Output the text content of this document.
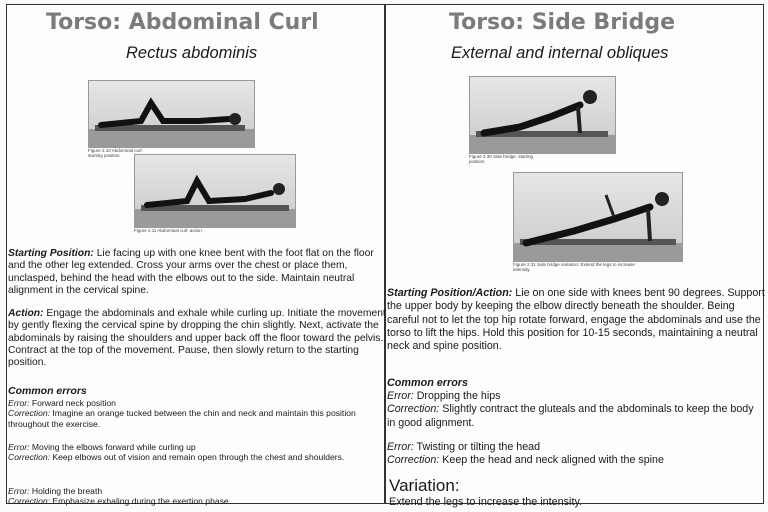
Torso: Abdominal Curl
Rectus abdominis
Figure 2.10 Abdominal curl: starting position
Figure 2.11 Abdominal curl: action

Starting Position: Lie facing up with one knee bent with the foot flat on the floor and the other leg extended. Cross your arms over the chest or place them, unclasped, behind the head with the elbows out to the side. Maintain neutral alignment in the cervical spine.

Action: Engage the abdominals and exhale while curling up. Initiate the movement by gently flexing the cervical spine by dropping the chin slightly. Next, activate the abdominals by raising the shoulders and upper back off the floor toward the pelvis. Contract at the top of the movement. Pause, then slowly return to the starting position.

Common errors
Error: Forward neck position
Correction: Imagine an orange tucked between the chin and neck and maintain this position throughout the exercise.
Error: Moving the elbows forward while curling up
Correction: Keep elbows out of vision and remain open through the chest and shoulders.
Error: Holding the breath
Correction: Emphasize exhaling during the exertion phase.
Torso: Side Bridge
External and internal obliques
Figure 2.30 Side bridge: starting position
Figure 2.31 Side bridge variation: Extend the legs to increase intensity.

Starting Position/Action: Lie on one side with knees bent 90 degrees. Support the upper body by keeping the elbow directly beneath the shoulder. Being careful not to let the top hip rotate forward, engage the abdominals and use the torso to lift the hips. Hold this position for 10-15 seconds, maintaining a neutral neck and spine position.

Common errors
Error: Dropping the hips
Correction: Slightly contract the gluteals and the abdominals to keep the body in good alignment.
Error: Twisting or tilting the head
Correction: Keep the head and neck aligned with the spine
Variation:
Extend the legs to increase the intensity.
